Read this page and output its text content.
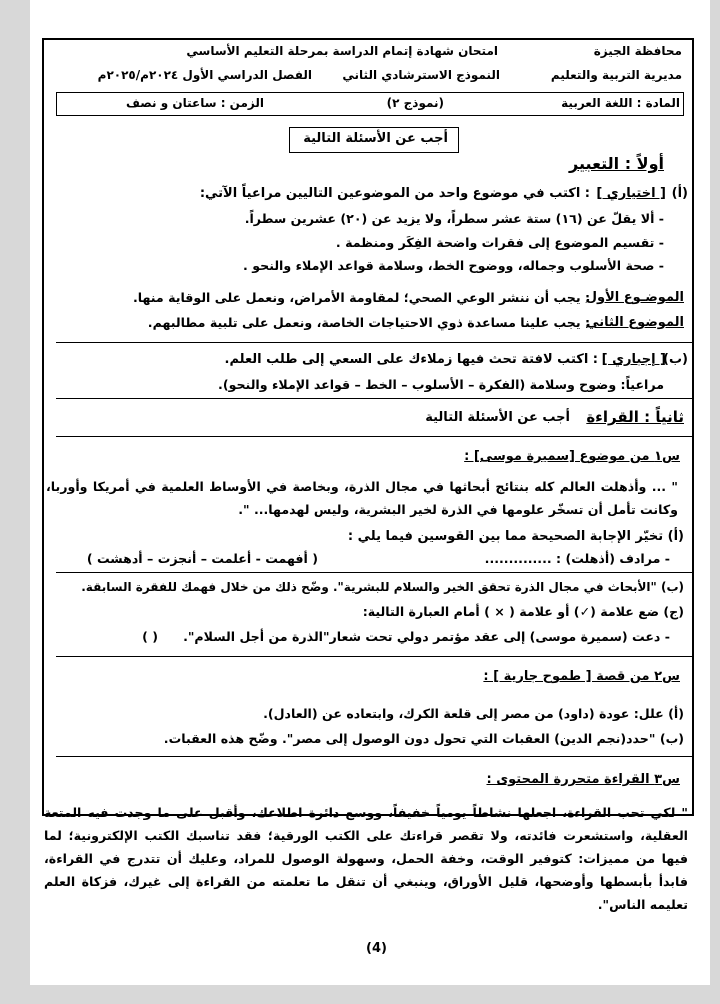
محافظة الجيزة
امتحان شهادة إتمام الدراسة بمرحلة التعليم الأساسي
مديرية التربية والتعليم
النموذج الاسترشادي الثاني
الفصل الدراسي الأول ٢٠٢٤م/٢٠٢٥م
المادة : اللغة العربية
(نموذج ٢)
الزمن : ساعتان و نصف
أجب عن الأسئلة التالية
أولاً : التعبير
(أ)
[ اختياري ]
: اكتب في موضوع واحد من الموضوعين التاليين مراعياً الآتي:
- ألا يقلّ عن (١٦) ستة عشر سطراً، ولا يزيد عن (٢٠) عشرين سطراً.
- تقسيم الموضوع إلى فقرات واضحة الفِكَر ومنظمة .
- صحة الأسلوب وجماله، ووضوح الخط، وسلامة قواعد الإملاء والنحو .
الموضـوع الأول
: يجب أن ننشر الوعي الصحي؛ لمقاومة الأمراض، ونعمل على الوقاية منها.
الموضوع الثاني
: يجب علينا مساعدة ذوي الاحتياجات الخاصة، ونعمل على تلبية مطالبهم.
(ب)
[ إجباري ]
: اكتب لافتة تحث فيها زملاءك على السعي إلى طلب العلم.
مراعياً: وضوح وسلامة (الفكرة – الأسلوب – الخط – قواعد الإملاء والنحو).
ثانياً : القراءة
أجب عن الأسئلة التالية
س١ من موضوع [سميرة موسى] :
" ... وأذهلت العالم كله بنتائج أبحاثها في مجال الذرة، وبخاصة في الأوساط العلمية في أمريكا وأوربا، وكانت تأمل أن تسخّر علومها في الذرة لخير البشرية، وليس لهدمها... ".
(أ) تخيّر الإجابة الصحيحة مما بين القوسين فيما يلي :
- مرادف (أذهلت) : ..............
( أفهمت - أعلمت – أنجزت – أدهشت )
(ب) "الأبحاث في مجال الذرة تحقق الخير والسلام للبشرية". وضّح ذلك من خلال فهمك للفقرة السابقة.
(ج) ضع علامة (✓) أو علامة ( × ) أمام العبارة التالية:
- دعت (سميرة موسى) إلى عقد مؤتمر دولي تحت شعار"الذرة من أجل السلام".
( )
س٢ من قصة [ طموح جارية ] :
(أ) علل: عودة (داود) من مصر إلى قلعة الكرك، وابتعاده عن (العادل).
(ب) "حدد(نجم الدين) العقبات التي تحول دون الوصول إلى مصر". وضّح هذه العقبات.
س٣ القراءة متحررة المحتوى :
" لكي تحب القراءة، اجعلها نشاطاً يومياً خفيفاً، ووسع دائرة اطلاعك، وأقبل على ما وجدت فيه المتعة العقلية، واستشعرت فائدته، ولا تقصر قراءتك على الكتب الورقية؛ فقد تناسبك الكتب الإلكترونية؛ لما فيها من مميزات: كتوفير الوقت، وخفة الحمل، وسهولة الوصول للمراد، وعليك أن تتدرج في القراءة، فابدأ بأبسطها وأوضحها، قليل الأوراق، وينبغي أن تنقل ما تعلمته من القراءة إلى غيرك، فزكاة العلم تعليمه الناس".
(4)
